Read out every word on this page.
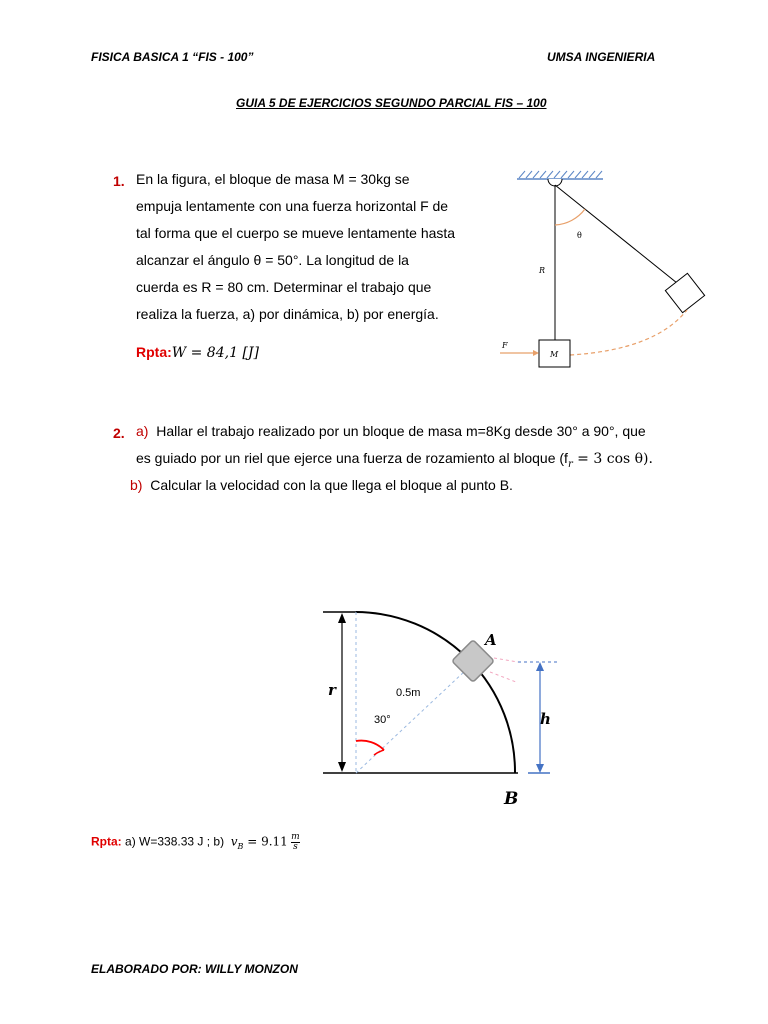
FISICA BASICA 1 “FIS - 100”	UMSA INGENIERIA
GUIA 5 DE EJERCICIOS SEGUNDO PARCIAL FIS – 100
1. En la figura, el bloque de masa M = 30kg se
empuja lentamente con una fuerza horizontal F de
tal forma que el cuerpo se mueve lentamente hasta
alcanzar el ángulo θ = 50°. La longitud de la
cuerda es R = 80 cm. Determinar el trabajo que
realiza la fuerza, a) por dinámica, b) por energía.
Rpta:W = 84,1 [J]
θ
R
M
F
2. a) Hallar el trabajo realizado por un bloque de masa m=8Kg desde 30° a 90°, que
es guiado por un riel que ejerce una fuerza de rozamiento al bloque ($f_r = 3$ cos θ).
b) Calcular la velocidad con la que llega el bloque al punto B.
r
30°
0.5m
A
h
B
Rpta: a) W=338.33 J ; b) $v_B = 9.11 \frac{m}{s}$
ELABORADO POR: WILLY MONZON
